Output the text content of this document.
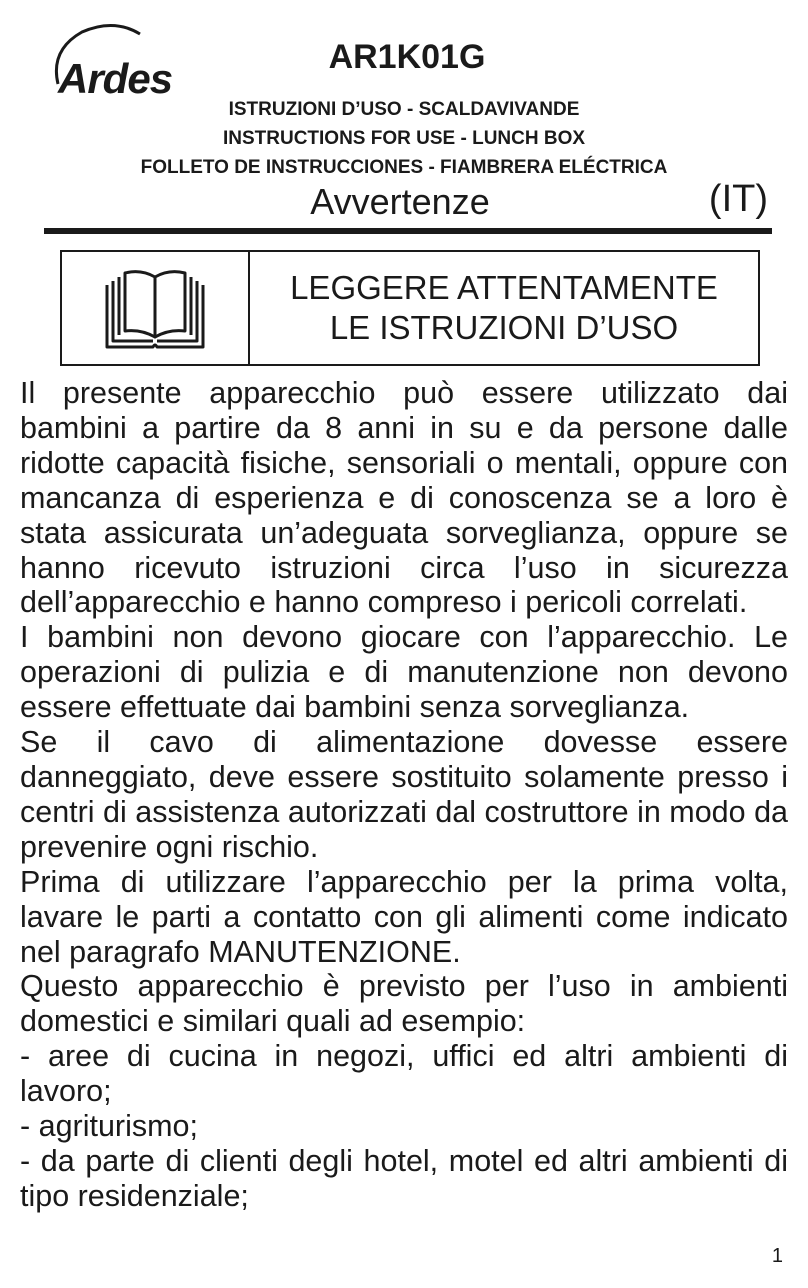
Ardes	AR1K01G
ISTRUZIONI D’USO - SCALDAVIVANDE
INSTRUCTIONS FOR USE - LUNCH BOX
FOLLETO DE INSTRUCCIONES - FIAMBRERA ELÉCTRICA
Avvertenze	(IT)
LEGGERE ATTENTAMENTE
LE ISTRUZIONI D’USO

Il presente apparecchio può essere utilizzato dai bambini a partire da 8 anni in su e da persone dalle ridotte capacità fisiche, sensoriali o mentali, oppure con mancanza di esperienza e di conoscenza se a loro è stata assicurata un’adeguata sorveglianza, oppure se hanno ricevuto istruzioni circa l’uso in sicurezza dell’apparecchio e hanno compreso i pericoli correlati.

I bambini non devono giocare con l’apparecchio. Le operazioni di pulizia e di manutenzione non devono essere effettuate dai bambini senza sorveglianza.

Se il cavo di alimentazione dovesse essere danneggiato, deve essere sostituito solamente presso i centri di assistenza autorizzati dal costruttore in modo da prevenire ogni rischio.

Prima di utilizzare l’apparecchio per la prima volta, lavare le parti a contatto con gli alimenti come indicato nel paragrafo MANUTENZIONE.

Questo apparecchio è previsto per l’uso in ambienti domestici e similari quali ad esempio:

- aree di cucina in negozi, uffici ed altri ambienti di lavoro;

- agriturismo;

- da parte di clienti degli hotel, motel ed altri ambienti di tipo residenziale;

1
